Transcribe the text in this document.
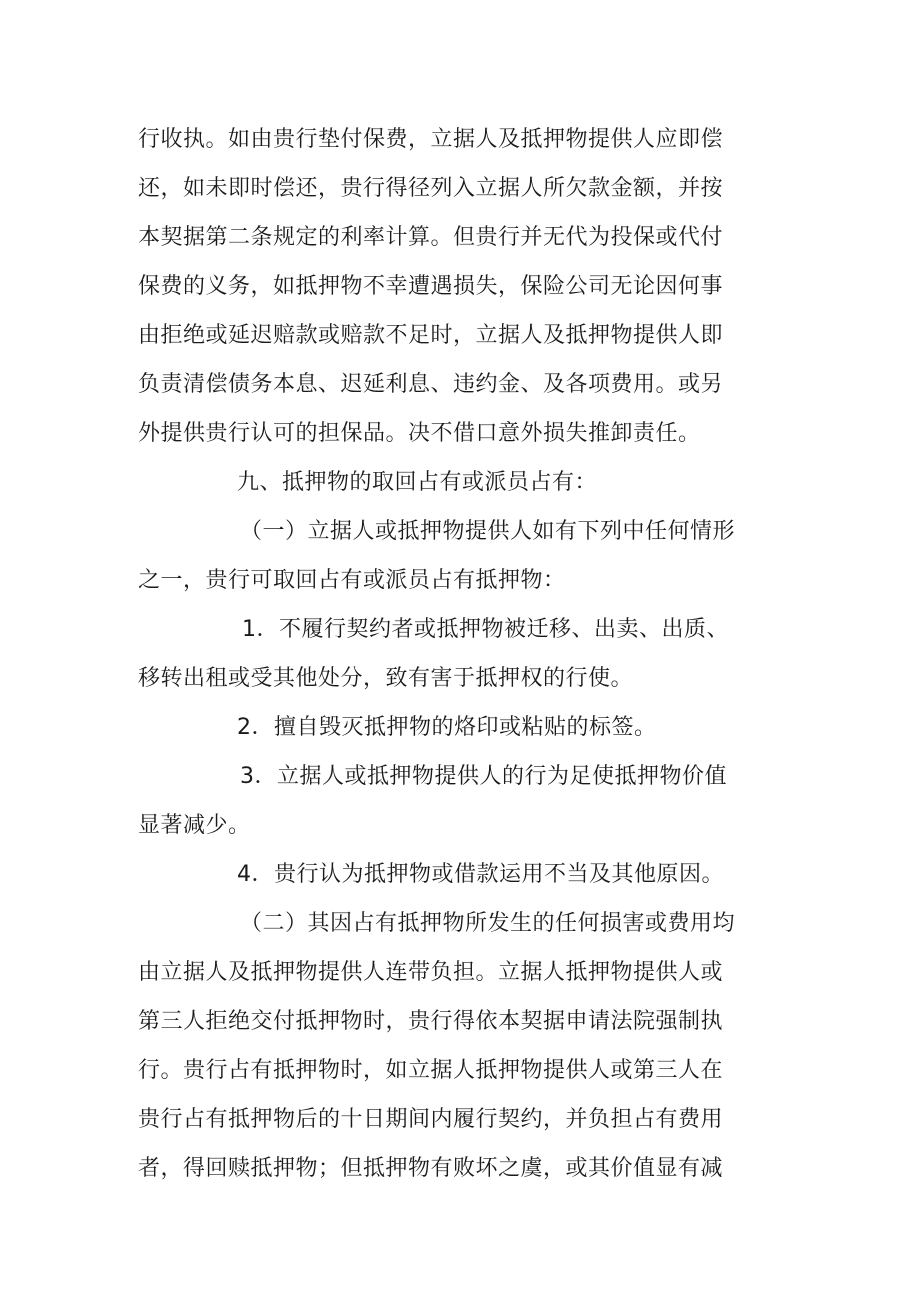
行收执。如由贵行垫付保费，立据人及抵押物提供人应即偿
还，如未即时偿还，贵行得径列入立据人所欠款金额，并按
本契据第二条规定的利率计算。但贵行并无代为投保或代付
保费的义务，如抵押物不幸遭遇损失，保险公司无论因何事
由拒绝或延迟赔款或赔款不足时，立据人及抵押物提供人即
负责清偿债务本息、迟延利息、违约金、及各项费用。或另
外提供贵行认可的担保品。决不借口意外损失推卸责任。
九、抵押物的取回占有或派员占有：
（一）立据人或抵押物提供人如有下列中任何情形
之一，贵行可取回占有或派员占有抵押物：
1．不履行契约者或抵押物被迁移、出卖、出质、
移转出租或受其他处分，致有害于抵押权的行使。
2．擅自毁灭抵押物的烙印或粘贴的标签。
3．立据人或抵押物提供人的行为足使抵押物价值
显著减少。
4．贵行认为抵押物或借款运用不当及其他原因。
（二）其因占有抵押物所发生的任何损害或费用均
由立据人及抵押物提供人连带负担。立据人抵押物提供人或
第三人拒绝交付抵押物时，贵行得依本契据申请法院强制执
行。贵行占有抵押物时，如立据人抵押物提供人或第三人在
贵行占有抵押物后的十日期间内履行契约，并负担占有费用
者，得回赎抵押物；但抵押物有败坏之虞，或其价值显有减
